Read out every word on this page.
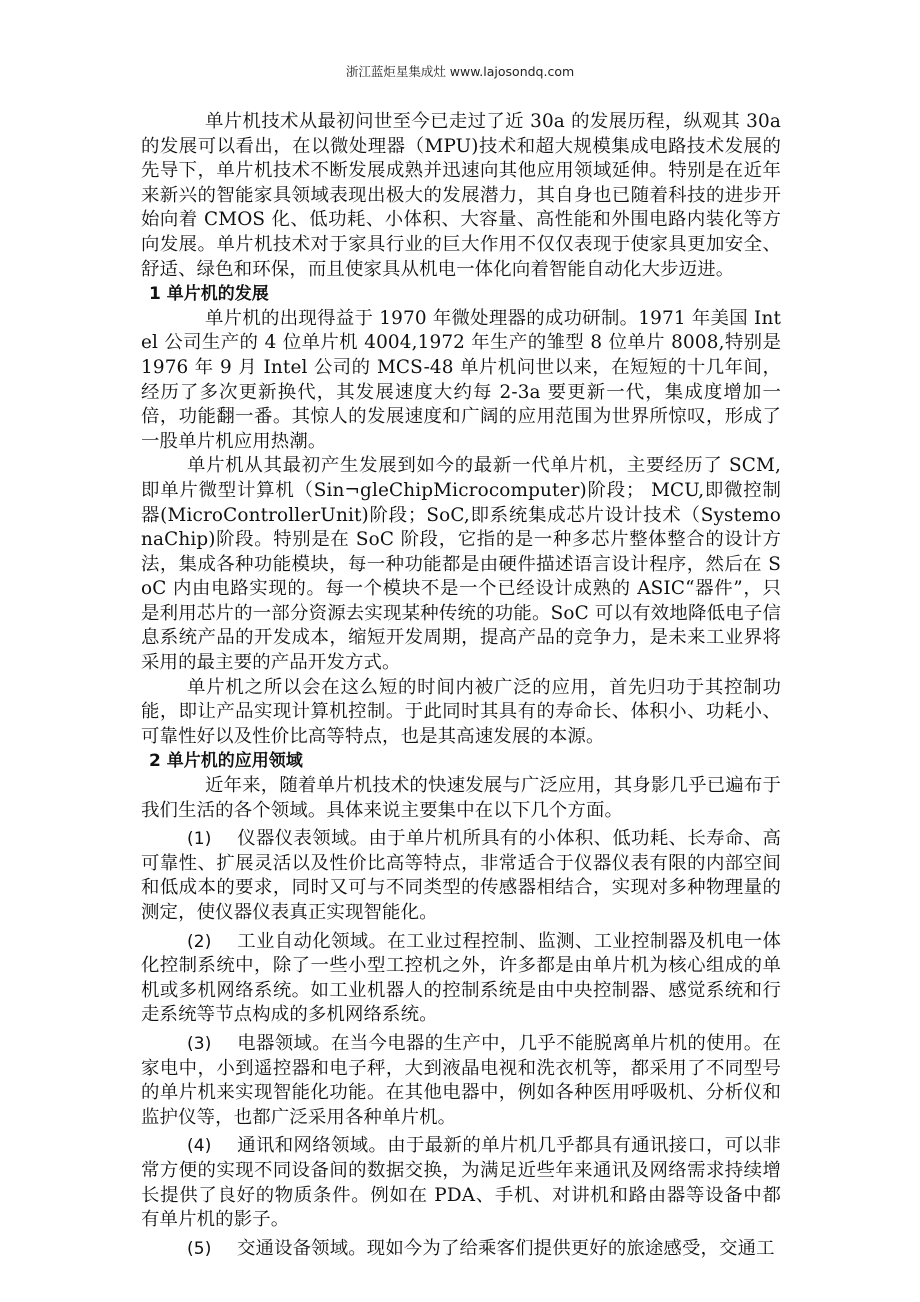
浙江蓝炬星集成灶 www.lajosondq.com

单片机技术从最初问世至今已走过了近 30a 的发展历程，纵观其 30a 的发展可以看出，在以微处理器（MPU)技术和超大规模集成电路技术发展的先导下，单片机技术不断发展成熟并迅速向其他应用领域延伸。特别是在近年来新兴的智能家具领域表现出极大的发展潜力，其自身也已随着科技的进步开始向着 CMOS 化、低功耗、小体积、大容量、高性能和外围电路内装化等方向发展。单片机技术对于家具行业的巨大作用不仅仅表现于使家具更加安全、舒适、绿色和环保，而且使家具从机电一体化向着智能自动化大步迈进。

1 单片机的发展

单片机的出现得益于 1970 年微处理器的成功研制。1971 年美国 Intel 公司生产的 4 位单片机 4004,1972 年生产的雏型 8 位单片 8008,特别是 1976 年 9 月 Intel 公司的 MCS-48 单片机问世以来，在短短的十几年间，经历了多次更新换代，其发展速度大约每 2-3a 要更新一代，集成度增加一倍，功能翻一番。其惊人的发展速度和广阔的应用范围为世界所惊叹，形成了一股单片机应用热潮。

单片机从其最初产生发展到如今的最新一代单片机，主要经历了 SCM,即单片微型计算机（Sin¬gleChipMicrocomputer)阶段； MCU,即微控制器(MicroControllerUnit)阶段；SoC,即系统集成芯片设计技术（SystemonaChip)阶段。特别是在 SoC 阶段，它指的是一种多芯片整体整合的设计方法，集成各种功能模块，每一种功能都是由硬件描述语言设计程序，然后在 SoC 内由电路实现的。每一个模块不是一个已经设计成熟的 ASIC“器件”，只是利用芯片的一部分资源去实现某种传统的功能。SoC 可以有效地降低电子信息系统产品的开发成本，缩短开发周期，提高产品的竞争力，是未来工业界将采用的最主要的产品开发方式。

单片机之所以会在这么短的时间内被广泛的应用，首先归功于其控制功能，即让产品实现计算机控制。于此同时其具有的寿命长、体积小、功耗小、可靠性好以及性价比高等特点，也是其高速发展的本源。

2 单片机的应用领域

近年来，随着单片机技术的快速发展与广泛应用，其身影几乎已遍布于我们生活的各个领域。具体来说主要集中在以下几个方面。

(1) 仪器仪表领域。由于单片机所具有的小体积、低功耗、长寿命、高可靠性、扩展灵活以及性价比高等特点，非常适合于仪器仪表有限的内部空间和低成本的要求，同时又可与不同类型的传感器相结合，实现对多种物理量的测定，使仪器仪表真正实现智能化。

(2) 工业自动化领域。在工业过程控制、监测、工业控制器及机电一体化控制系统中，除了一些小型工控机之外，许多都是由单片机为核心组成的单机或多机网络系统。如工业机器人的控制系统是由中央控制器、感觉系统和行走系统等节点构成的多机网络系统。

(3) 电器领域。在当今电器的生产中，几乎不能脱离单片机的使用。在家电中，小到遥控器和电子秤，大到液晶电视和洗衣机等，都采用了不同型号的单片机来实现智能化功能。在其他电器中，例如各种医用呼吸机、分析仪和监护仪等，也都广泛采用各种单片机。

(4) 通讯和网络领域。由于最新的单片机几乎都具有通讯接口，可以非常方便的实现不同设备间的数据交换，为满足近些年来通讯及网络需求持续增长提供了良好的物质条件。例如在 PDA、手机、对讲机和路由器等设备中都有单片机的影子。

(5) 交通设备领域。现如今为了给乘客们提供更好的旅途感受，交通工
